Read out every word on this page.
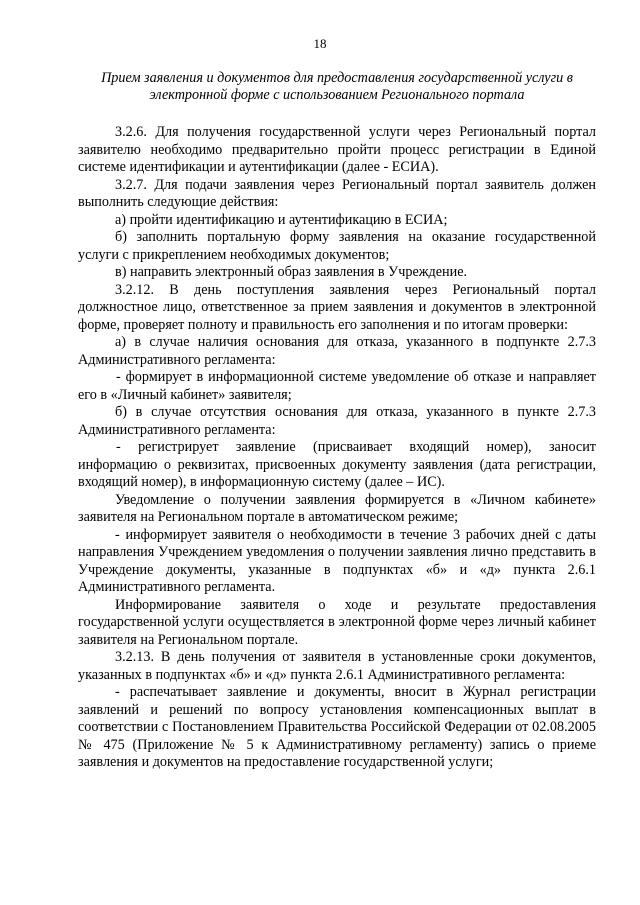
18
Прием заявления и документов для предоставления государственной услуги в электронной форме с использованием Регионального портала

3.2.6. Для получения государственной услуги через Региональный портал заявителю необходимо предварительно пройти процесс регистрации в Единой системе идентификации и аутентификации (далее - ЕСИА).

3.2.7. Для подачи заявления через Региональный портал заявитель должен выполнить следующие действия:

а) пройти идентификацию и аутентификацию в ЕСИА;

б) заполнить портальную форму заявления на оказание государственной услуги с прикреплением необходимых документов;

в) направить электронный образ заявления в Учреждение.

3.2.12. В день поступления заявления через Региональный портал должностное лицо, ответственное за прием заявления и документов в электронной форме, проверяет полноту и правильность его заполнения и по итогам проверки:

а) в случае наличия основания для отказа, указанного в подпункте 2.7.3 Административного регламента:

- формирует в информационной системе уведомление об отказе и направляет его в «Личный кабинет» заявителя;

б) в случае отсутствия основания для отказа, указанного в пункте 2.7.3 Административного регламента:

- регистрирует заявление (присваивает входящий номер), заносит информацию о реквизитах, присвоенных документу заявления (дата регистрации, входящий номер), в информационную систему (далее – ИС).

Уведомление о получении заявления формируется в «Личном кабинете» заявителя на Региональном портале в автоматическом режиме;

- информирует заявителя о необходимости в течение 3 рабочих дней с даты направления Учреждением уведомления о получении заявления лично представить в Учреждение документы, указанные в подпунктах «б» и «д» пункта 2.6.1 Административного регламента.

Информирование заявителя о ходе и результате предоставления государственной услуги осуществляется в электронной форме через личный кабинет заявителя на Региональном портале.

3.2.13. В день получения от заявителя в установленные сроки документов, указанных в подпунктах «б» и «д» пункта 2.6.1 Административного регламента:

- распечатывает заявление и документы, вносит в Журнал регистрации заявлений и решений по вопросу установления компенсационных выплат в соответствии с Постановлением Правительства Российской Федерации от 02.08.2005 № 475 (Приложение № 5 к Административному регламенту) запись о приеме заявления и документов на предоставление государственной услуги;
